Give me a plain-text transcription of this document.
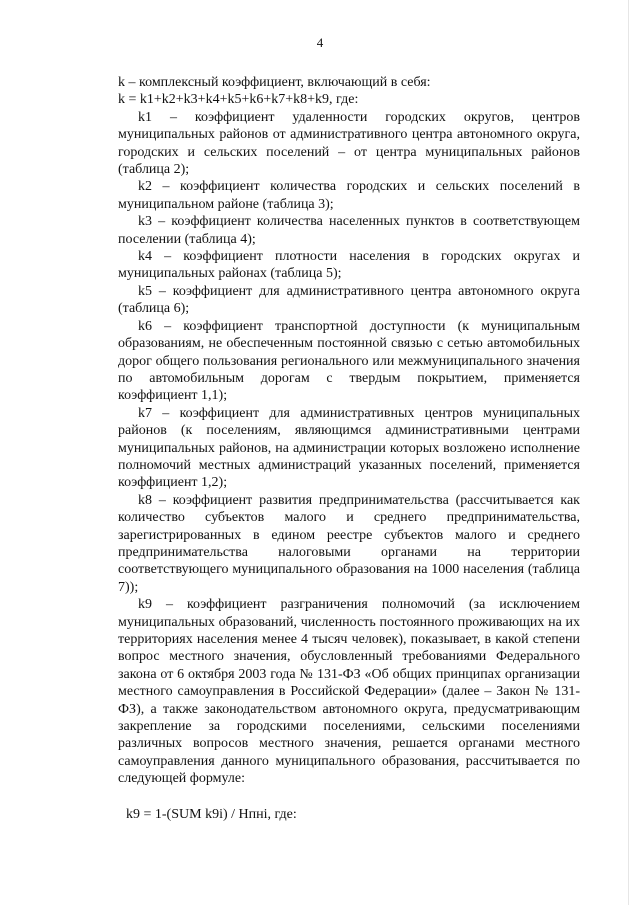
4

k – комплексный коэффициент, включающий в себя:

k = k1+k2+k3+k4+k5+k6+k7+k8+k9, где:

k1 – коэффициент удаленности городских округов, центров муниципальных районов от административного центра автономного округа, городских и сельских поселений – от центра муниципальных районов (таблица 2);

k2 – коэффициент количества городских и сельских поселений в муниципальном районе (таблица 3);

k3 – коэффициент количества населенных пунктов в соответствующем поселении (таблица 4);

k4 – коэффициент плотности населения в городских округах и муниципальных районах (таблица 5);

k5 – коэффициент для административного центра автономного округа (таблица 6);

k6 – коэффициент транспортной доступности (к муниципальным образованиям, не обеспеченным постоянной связью с сетью автомобильных дорог общего пользования регионального или межмуниципального значения по автомобильным дорогам с твердым покрытием, применяется коэффициент 1,1);

k7 – коэффициент для административных центров муниципальных районов (к поселениям, являющимся административными центрами муниципальных районов, на администрации которых возложено исполнение полномочий местных администраций указанных поселений, применяется коэффициент 1,2);

k8 – коэффициент развития предпринимательства (рассчитывается как количество субъектов малого и среднего предпринимательства, зарегистрированных в едином реестре субъектов малого и среднего предпринимательства налоговыми органами на территории соответствующего муниципального образования на 1000 населения (таблица 7));

k9 – коэффициент разграничения полномочий (за исключением муниципальных образований, численность постоянного проживающих на их территориях населения менее 4 тысяч человек), показывает, в какой степени вопрос местного значения, обусловленный требованиями Федерального закона от 6 октября 2003 года № 131-ФЗ «Об общих принципах организации местного самоуправления в Российской Федерации» (далее – Закон № 131-ФЗ), а также законодательством автономного округа, предусматривающим закрепление за городскими поселениями, сельскими поселениями различных вопросов местного значения, решается органами местного самоуправления данного муниципального образования, рассчитывается по следующей формуле:

k9 = 1-(SUM k9i) / Нпнi, где:
